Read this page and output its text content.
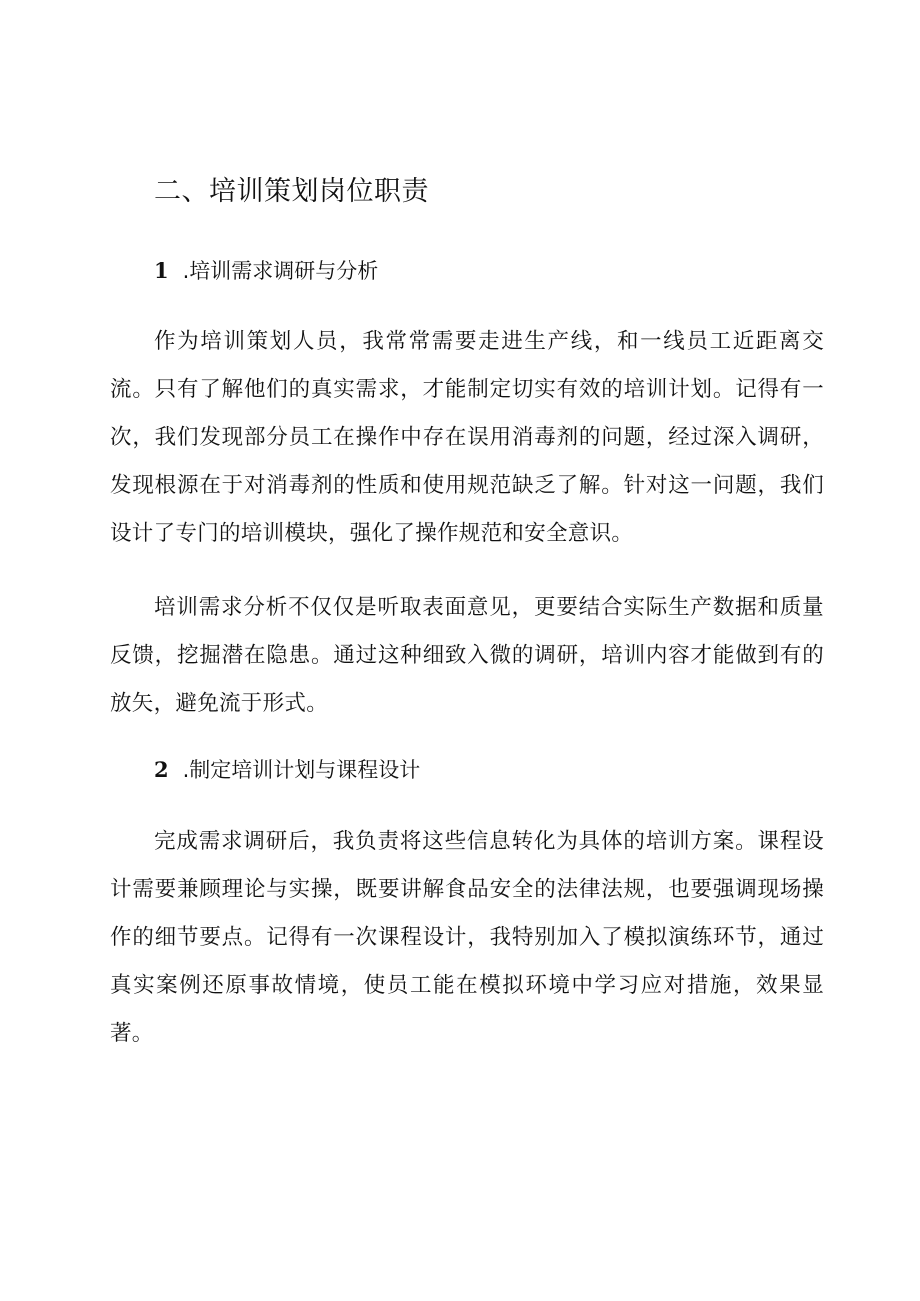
二、培训策划岗位职责
1 .培训需求调研与分析

作为培训策划人员，我常常需要走进生产线，和一线员工近距离交流。只有了解他们的真实需求，才能制定切实有效的培训计划。记得有一次，我们发现部分员工在操作中存在误用消毒剂的问题，经过深入调研，发现根源在于对消毒剂的性质和使用规范缺乏了解。针对这一问题，我们设计了专门的培训模块，强化了操作规范和安全意识。

培训需求分析不仅仅是听取表面意见，更要结合实际生产数据和质量反馈，挖掘潜在隐患。通过这种细致入微的调研，培训内容才能做到有的放矢，避免流于形式。

2 .制定培训计划与课程设计

完成需求调研后，我负责将这些信息转化为具体的培训方案。课程设计需要兼顾理论与实操，既要讲解食品安全的法律法规，也要强调现场操作的细节要点。记得有一次课程设计，我特别加入了模拟演练环节，通过真实案例还原事故情境，使员工能在模拟环境中学习应对措施，效果显著。
